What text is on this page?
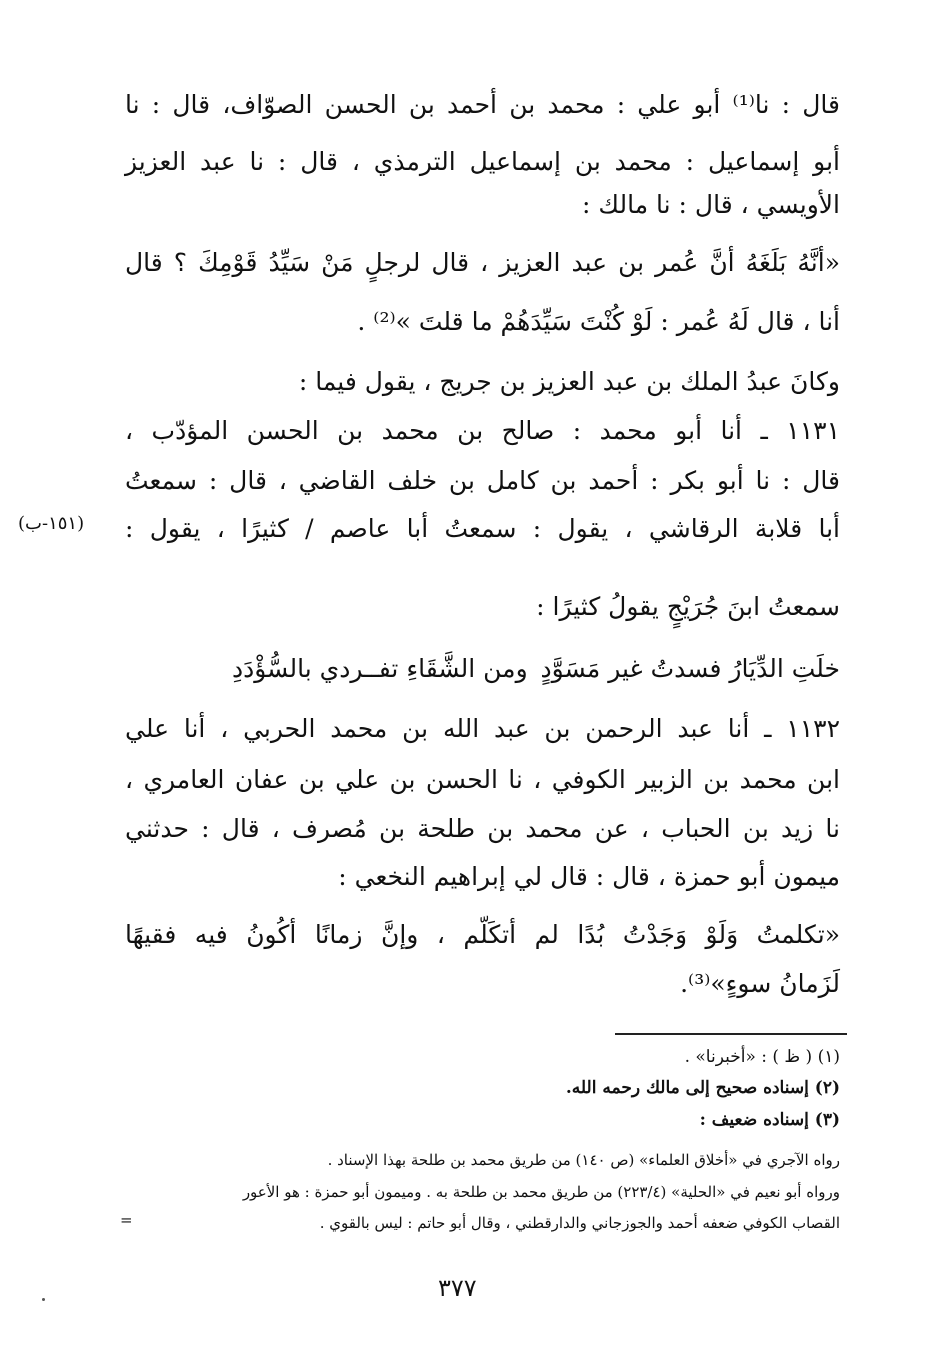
قال : نا⁽¹⁾ أبو علي : محمد بن أحمد بن الحسن الصوّاف، قال : نا
أبو إسماعيل : محمد بن إسماعيل الترمذي ، قال : نا عبد العزيز
الأويسي ، قال : نا مالك :
«أنَّهُ بَلَغَهُ أنَّ عُمر بن عبد العزيز ، قال لرجلٍ مَنْ سَيِّدُ قَوْمِكَ ؟ قال
أنا ، قال لَهُ عُمر : لَوْ كُنْتَ سَيِّدَهُمْ ما قلتَ »⁽²⁾ .
وكانَ عبدُ الملك بن عبد العزيز بن جريج ، يقول فيما :
١١٣١ ـ أنا أبو محمد : صالح بن محمد بن الحسن المؤدّب ،
قال : نا أبو بكر : أحمد بن كامل بن خلف القاضي ، قال : سمعتُ
أبا قلابة الرقاشي ، يقول : سمعتُ أبا عاصم / كثيرًا ، يقول :
(١٥١-ب)
سمعتُ ابنَ جُرَيْجٍ يقولُ كثيرًا :
خلَتِ الدِّيَارُ فسدتُ غير مَسَوَّدٍ
ومن الشَّقَاءِ تفــردي بالسُّؤْدَدِ
١١٣٢ ـ أنا عبد الرحمن بن عبد الله بن محمد الحربي ، أنا علي
ابن محمد بن الزبير الكوفي ، نا الحسن بن علي بن عفان العامري ،
نا زيد بن الحباب ، عن محمد بن طلحة بن مُصرف ، قال : حدثني
ميمون أبو حمزة ، قال : قال لي إبراهيم النخعي :
«تكلمتُ وَلَوْ وَجَدْتُ بُدًا لم أتكَلّم ، وإنَّ زمانًا أكُونُ فيه فقيهًا
لَزَمانُ سوءٍ»⁽³⁾.
(١) ( ظ ) : «أخبرنا» .
(٢) إسناده صحيح إلى مالك رحمه الله.
(٣) إسناده ضعيف :
رواه الآجري في «أخلاق العلماء» (ص ١٤٠) من طريق محمد بن طلحة بهذا الإسناد .
ورواه أبو نعيم في «الحلية» (٢٢٣/٤) من طريق محمد بن طلحة به . وميمون أبو حمزة : هو الأعور
القصاب الكوفي ضعفه أحمد والجوزجاني والدارقطني ، وقال أبو حاتم : ليس بالقوي .
=
٣٧٧
